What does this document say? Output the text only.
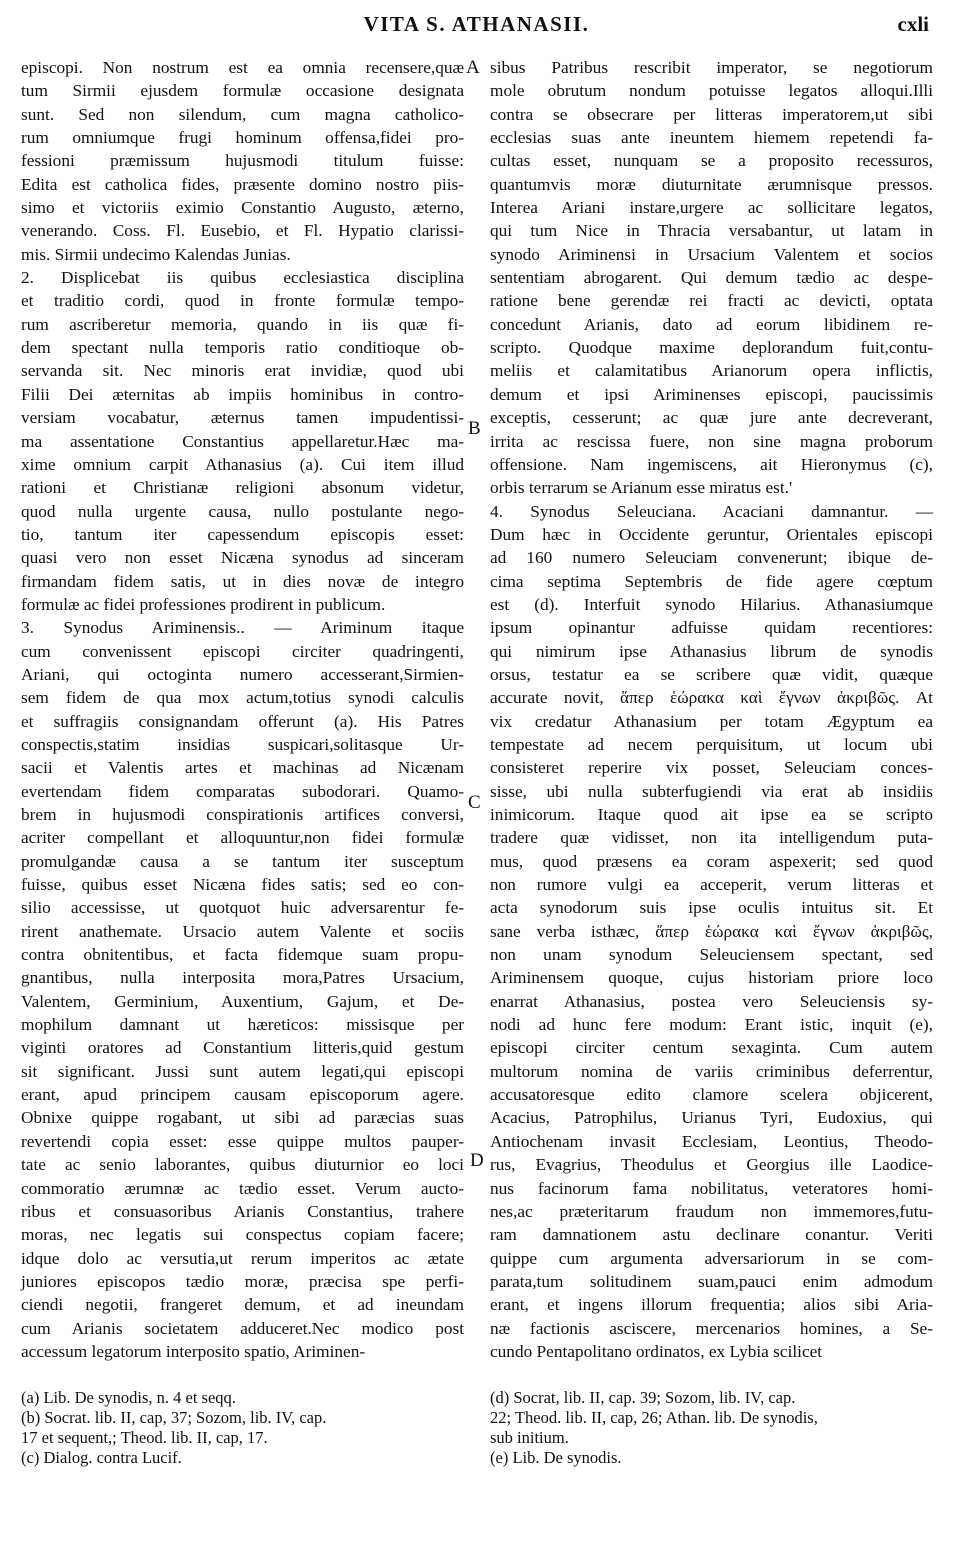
VITA S. ATHANASII.	cxli
episcopi. Non nostrum est ea omnia recensere,quæ
tum Sirmii ejusdem formulæ occasione designata
sunt. Sed non silendum, cum magna catholico-
rum omniumque frugi hominum offensa,fidei pro-
fessioni præmissum hujusmodi titulum fuisse:
Edita est catholica fides, præsente domino nostro piis-
simo et victoriis eximio Constantio Augusto, æterno,
venerando. Coss. Fl. Eusebio, et Fl. Hypatio clarissi-
mis. Sirmii undecimo Kalendas Junias.
2. Displicebat iis quibus ecclesiastica disciplina
et traditio cordi, quod in fronte formulæ tempo-
rum ascriberetur memoria, quando in iis quæ fi-
dem spectant nulla temporis ratio conditioque ob-
servanda sit. Nec minoris erat invidiæ, quod ubi
Filii Dei æternitas ab impiis hominibus in contro-
versiam vocabatur, æternus tamen impudentissi-
ma assentatione Constantius appellaretur.Hæc ma-
xime omnium carpit Athanasius (a). Cui item illud
rationi et Christianæ religioni absonum videtur,
quod nulla urgente causa, nullo postulante nego-
tio, tantum iter capessendum episcopis esset:
quasi vero non esset Nicæna synodus ad sinceram
firmandam fidem satis, ut in dies novæ de integro
formulæ ac fidei professiones prodirent in publicum.
3. Synodus Ariminensis.. — Ariminum itaque
cum convenissent episcopi circiter quadringenti,
Ariani, qui octoginta numero accesserant,Sirmien-
sem fidem de qua mox actum,totius synodi calculis
et suffragiis consignandam offerunt (a). His Patres
conspectis,statim insidias suspicari,solitasque Ur-
sacii et Valentis artes et machinas ad Nicænam
evertendam fidem comparatas subodorari. Quamo-
brem in hujusmodi conspirationis artifices conversi,
acriter compellant et alloquuntur,non fidei formulæ
promulgandæ causa a se tantum iter susceptum
fuisse, quibus esset Nicæna fides satis; sed eo con-
silio accessisse, ut quotquot huic adversarentur fe-
rirent anathemate. Ursacio autem Valente et sociis
contra obnitentibus, et facta fidemque suam propu-
gnantibus, nulla interposita mora,Patres Ursacium,
Valentem, Germinium, Auxentium, Gajum, et De-
mophilum damnant ut hæreticos: missisque per
viginti oratores ad Constantium litteris,quid gestum
sit significant. Jussi sunt autem legati,qui episcopi
erant, apud principem causam episcoporum agere.
Obnixe quippe rogabant, ut sibi ad paræcias suas
revertendi copia esset: esse quippe multos pauper-
tate ac senio laborantes, quibus diuturnior eo loci
commoratio ærumnæ ac tædio esset. Verum aucto-
ribus et consuasoribus Arianis Constantius, trahere
moras, nec legatis sui conspectus copiam facere;
idque dolo ac versutia,ut rerum imperitos ac ætate
juniores episcopos tædio moræ, præcisa spe perfi-
ciendi negotii, frangeret demum, et ad ineundam
cum Arianis societatem adduceret.Nec modico post
accessum legatorum interposito spatio, Ariminen-
sibus Patribus rescribit imperator, se negotiorum
mole obrutum nondum potuisse legatos alloqui.Illi
contra se obsecrare per litteras imperatorem,ut sibi
ecclesias suas ante ineuntem hiemem repetendi fa-
cultas esset, nunquam se a proposito recessuros,
quantumvis moræ diuturnitate ærumnisque pressos.
Interea Ariani instare,urgere ac sollicitare legatos,
qui tum Nice in Thracia versabantur, ut latam in
synodo Ariminensi in Ursacium Valentem et socios
sententiam abrogarent. Qui demum tædio ac despe-
ratione bene gerendæ rei fracti ac devicti, optata
concedunt Arianis, dato ad eorum libidinem re-
scripto. Quodque maxime deplorandum fuit,contu-
meliis et calamitatibus Arianorum opera inflictis,
demum et ipsi Ariminenses episcopi, paucissimis
exceptis, cesserunt; ac quæ jure ante decreverant,
irrita ac rescissa fuere, non sine magna proborum
offensione. Nam ingemiscens, ait Hieronymus (c),
orbis terrarum se Arianum esse miratus est.'
4. Synodus Seleuciana. Acaciani damnantur. —
Dum hæc in Occidente geruntur, Orientales episcopi
ad 160 numero Seleuciam convenerunt; ibique de-
cima septima Septembris de fide agere cœptum
est (d). Interfuit synodo Hilarius. Athanasiumque
ipsum opinantur adfuisse quidam recentiores:
qui nimirum ipse Athanasius librum de synodis
orsus, testatur ea se scribere quæ vidit, quæque
accurate novit, ἅπερ ἑώρακα καὶ ἔγνων ἀκριβῶς. At
vix credatur Athanasium per totam Ægyptum ea
tempestate ad necem perquisitum, ut locum ubi
consisteret reperire vix posset, Seleuciam conces-
sisse, ubi nulla subterfugiendi via erat ab insidiis
inimicorum. Itaque quod ait ipse ea se scripto
tradere quæ vidisset, non ita intelligendum puta-
mus, quod præsens ea coram aspexerit; sed quod
non rumore vulgi ea acceperit, verum litteras et
acta synodorum suis ipse oculis intuitus sit. Et
sane verba isthæc, ἅπερ ἑώρακα καὶ ἔγνων ἀκριβῶς,
non unam synodum Seleuciensem spectant, sed
Ariminensem quoque, cujus historiam priore loco
enarrat Athanasius, postea vero Seleuciensis sy-
nodi ad hunc fere modum: Erant istic, inquit (e),
episcopi circiter centum sexaginta. Cum autem
multorum nomina de variis criminibus deferrentur,
accusatoresque edito clamore scelera objicerent,
Acacius, Patrophilus, Urianus Tyri, Eudoxius, qui
Antiochenam invasit Ecclesiam, Leontius, Theodo-
rus, Evagrius, Theodulus et Georgius ille Laodice-
nus facinorum fama nobilitatus, veteratores homi-
nes,ac præteritarum fraudum non immemores,futu-
ram damnationem astu declinare conantur. Veriti
quippe cum argumenta adversariorum in se com-
parata,tum solitudinem suam,pauci enim admodum
erant, et ingens illorum frequentia; alios sibi Aria-
næ factionis asciscere, mercenarios homines, a Se-
cundo Pentapolitano ordinatos, ex Lybia scilicet
A
B
C
D
(a) Lib. De synodis, n. 4 et seqq.
(b) Socrat. lib. II, cap, 37; Sozom, lib. IV, cap.
17 et sequent,; Theod. lib. II, cap, 17.
(c) Dialog. contra Lucif.
(d) Socrat, lib. II, cap. 39; Sozom, lib. IV, cap.
22; Theod. lib. II, cap, 26; Athan. lib. De synodis,
sub initium.
(e) Lib. De synodis.
